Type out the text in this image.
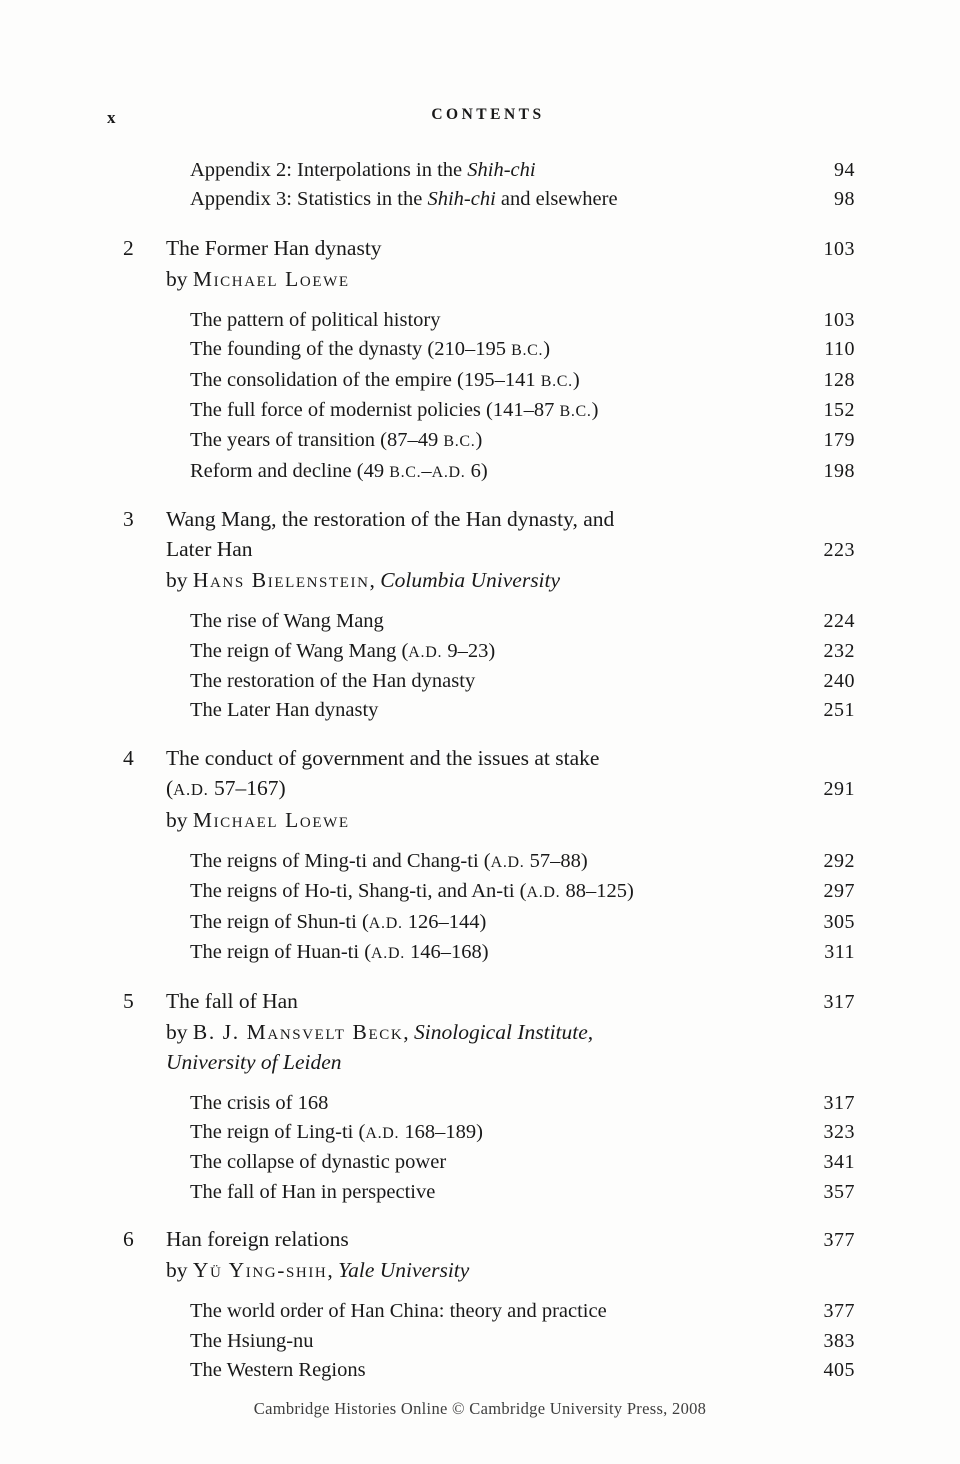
x	CONTENTS
Appendix 2: Interpolations in the Shih-chi	94
Appendix 3: Statistics in the Shih-chi and elsewhere	98
2	The Former Han dynasty	103
by Michael Loewe
The pattern of political history	103
The founding of the dynasty (210–195 B.C.)	110
The consolidation of the empire (195–141 B.C.)	128
The full force of modernist policies (141–87 B.C.)	152
The years of transition (87–49 B.C.)	179
Reform and decline (49 B.C.–A.D. 6)	198
3	Wang Mang, the restoration of the Han dynasty, and
Later Han	223
by Hans Bielenstein, Columbia University
The rise of Wang Mang	224
The reign of Wang Mang (A.D. 9–23)	232
The restoration of the Han dynasty	240
The Later Han dynasty	251
4	The conduct of government and the issues at stake
(A.D. 57–167)	291
by Michael Loewe
The reigns of Ming-ti and Chang-ti (A.D. 57–88)	292
The reigns of Ho-ti, Shang-ti, and An-ti (A.D. 88–125)	297
The reign of Shun-ti (A.D. 126–144)	305
The reign of Huan-ti (A.D. 146–168)	311
5	The fall of Han	317
by B. J. Mansvelt Beck, Sinological Institute,
University of Leiden
The crisis of 168	317
The reign of Ling-ti (A.D. 168–189)	323
The collapse of dynastic power	341
The fall of Han in perspective	357
6	Han foreign relations	377
by Yü Ying-shih, Yale University
The world order of Han China: theory and practice	377
The Hsiung-nu	383
The Western Regions	405
Cambridge Histories Online © Cambridge University Press, 2008
